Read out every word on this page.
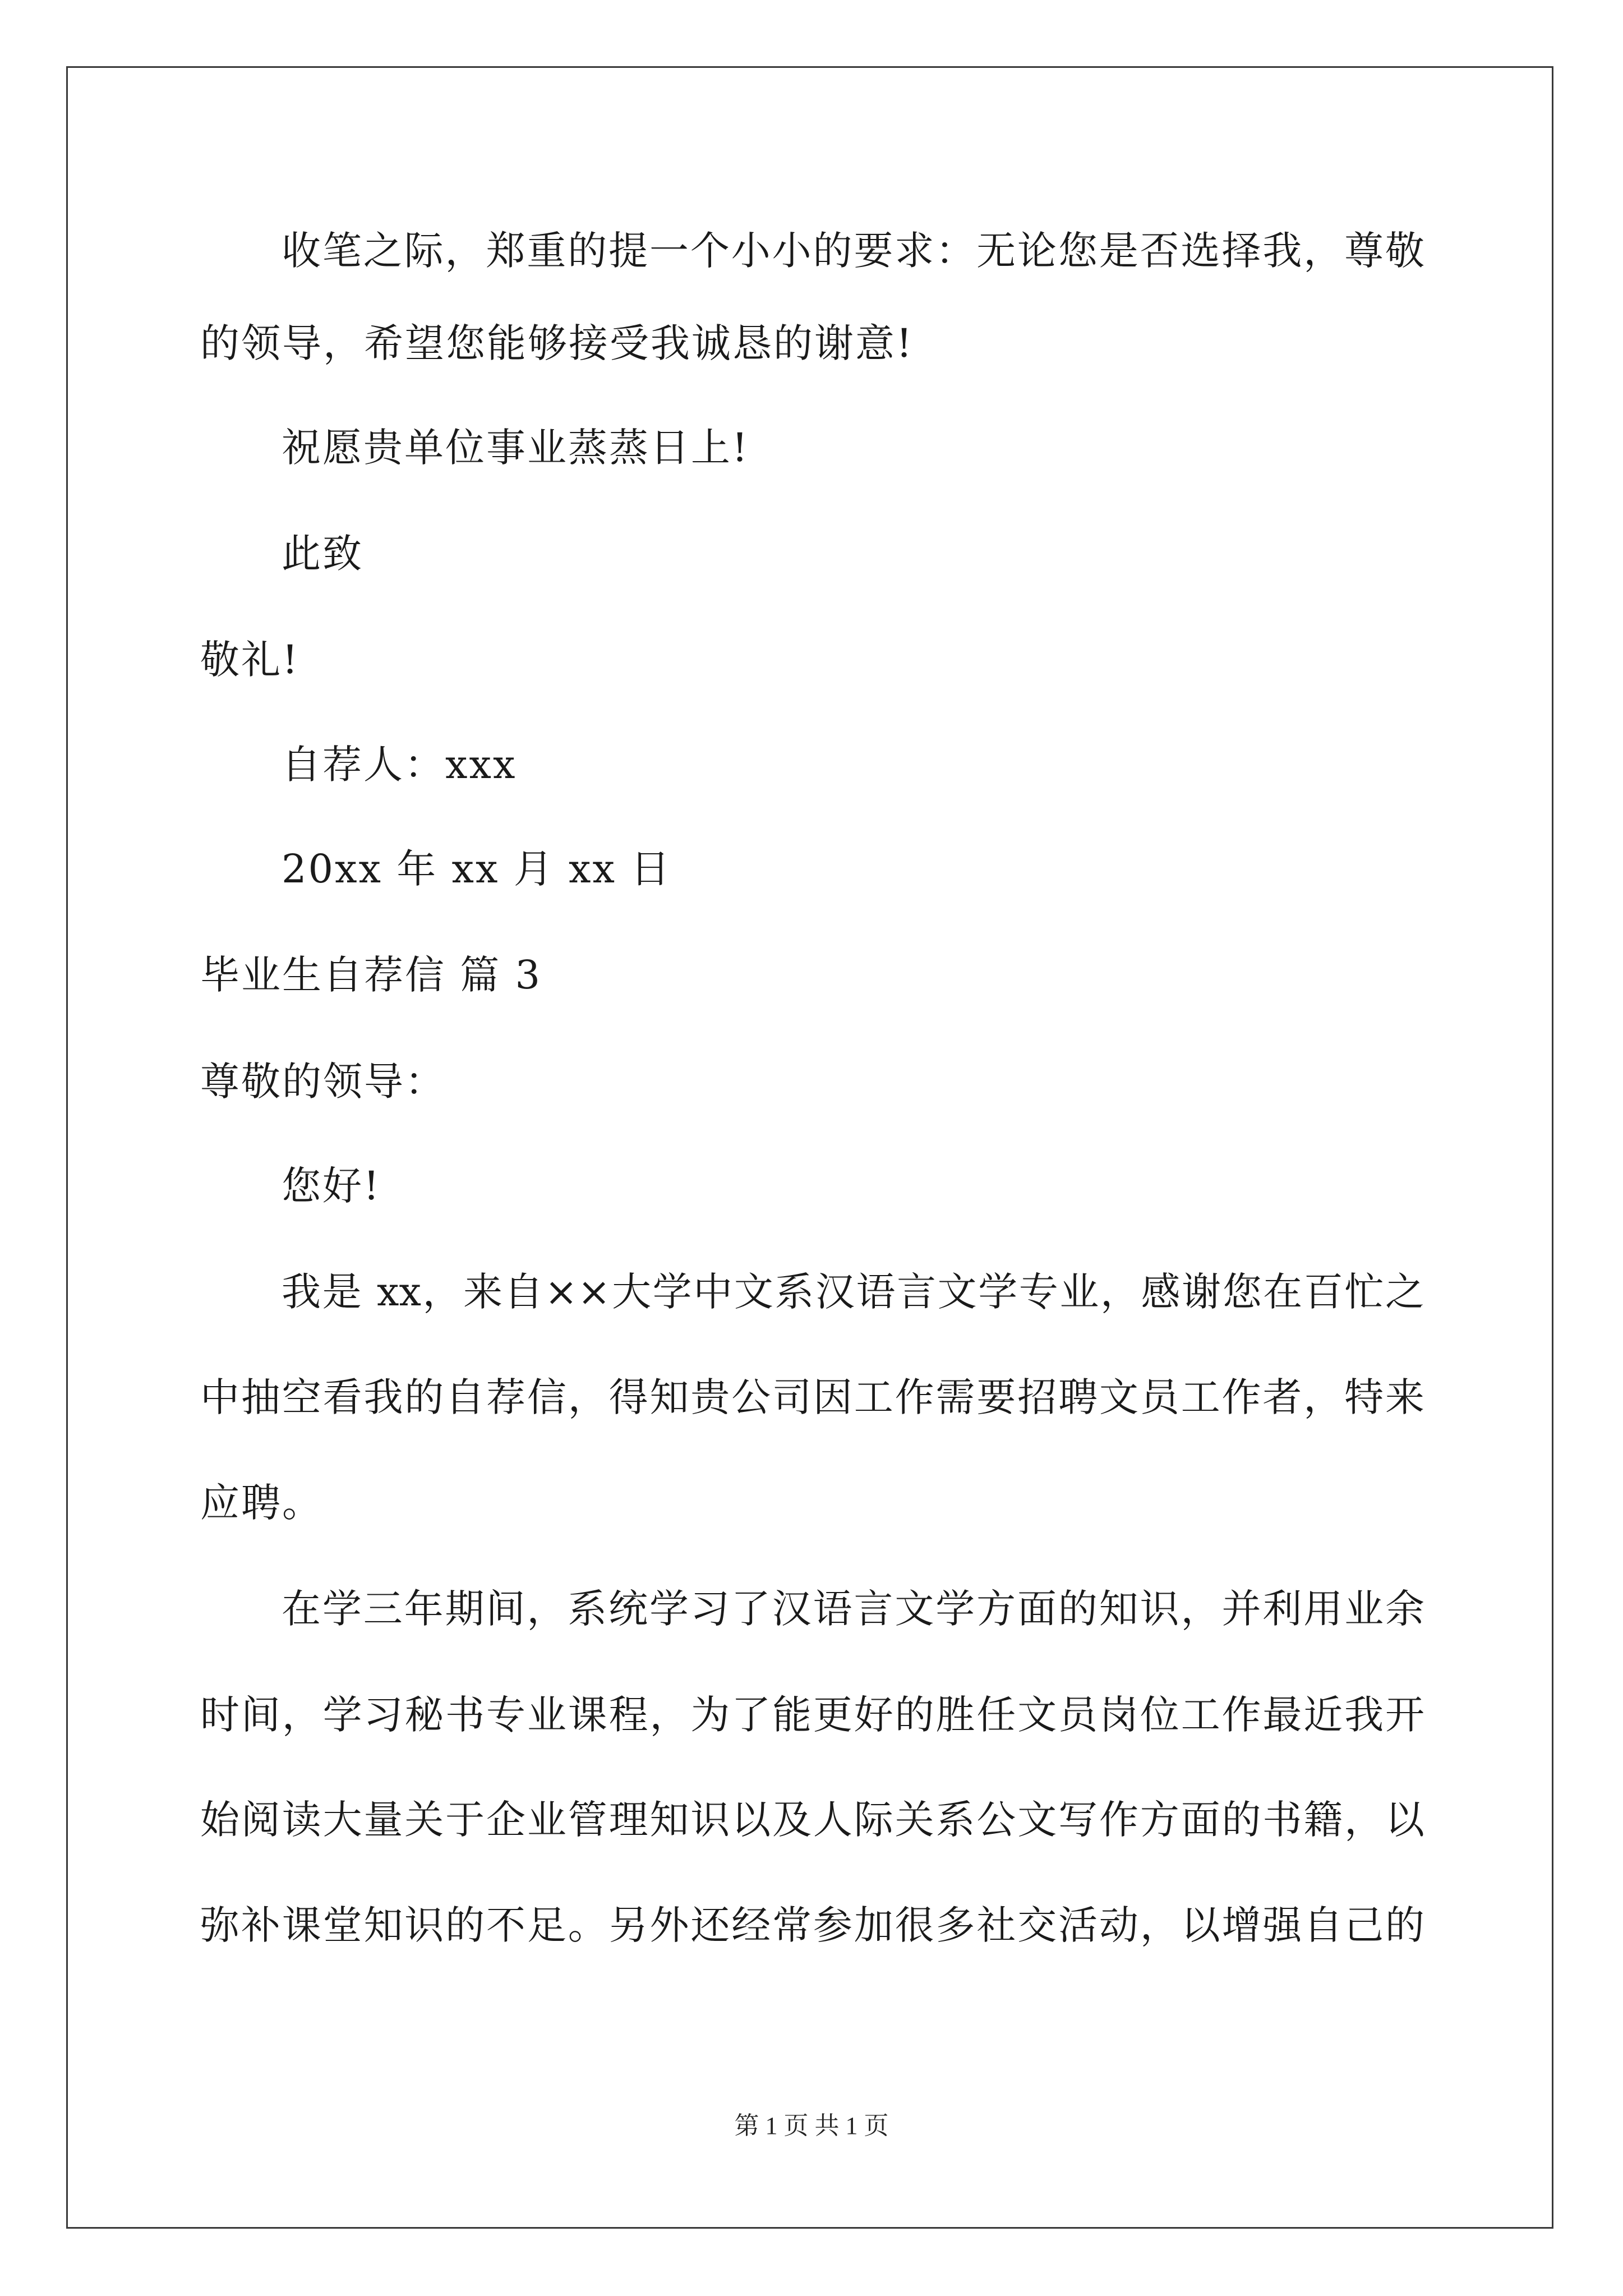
收笔之际，郑重的提一个小小的要求：无论您是否选择我，尊敬
的领导，希望您能够接受我诚恳的谢意!
祝愿贵单位事业蒸蒸日上!
此致
敬礼!
自荐人：xxx
20xx 年 xx 月 xx 日
毕业生自荐信 篇 3
尊敬的领导：
您好!
我是 xx，来自××大学中文系汉语言文学专业，感谢您在百忙之
中抽空看我的自荐信，得知贵公司因工作需要招聘文员工作者，特来
应聘。
在学三年期间，系统学习了汉语言文学方面的知识，并利用业余
时间，学习秘书专业课程，为了能更好的胜任文员岗位工作最近我开
始阅读大量关于企业管理知识以及人际关系公文写作方面的书籍，以
弥补课堂知识的不足。另外还经常参加很多社交活动，以增强自己的
第 1 页 共 1 页
